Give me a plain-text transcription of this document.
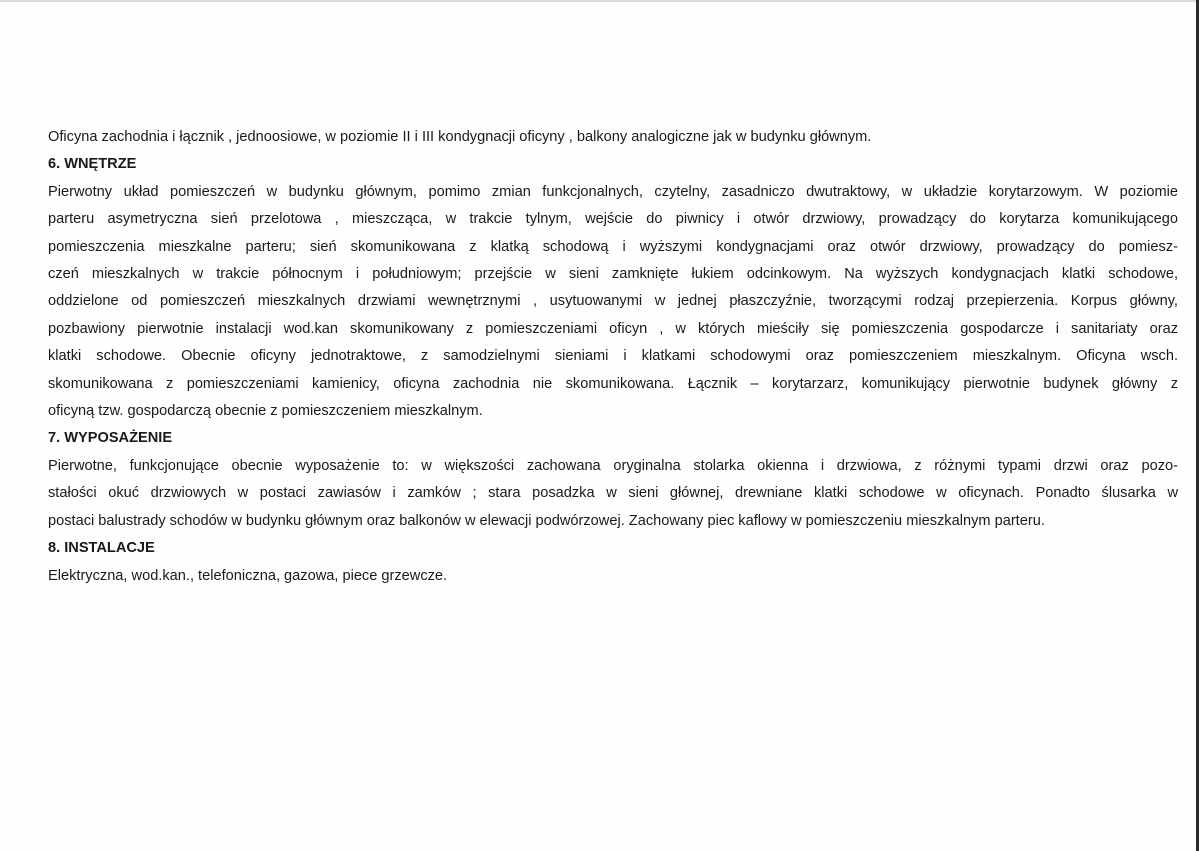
Oficyna zachodnia i łącznik , jednoosiowe, w poziomie II i III kondygnacji oficyny , balkony analogiczne jak w budynku głównym.
6. WNĘTRZE
Pierwotny układ pomieszczeń w budynku głównym, pomimo zmian funkcjonalnych, czytelny, zasadniczo dwutraktowy, w układzie korytarzowym. W poziomie
parteru asymetryczna sień przelotowa , mieszcząca, w trakcie tylnym, wejście do piwnicy i otwór drzwiowy, prowadzący do korytarza komunikującego
pomieszczenia mieszkalne parteru; sień skomunikowana z klatką schodową i wyższymi kondygnacjami oraz otwór drzwiowy, prowadzący do pomiesz-
czeń mieszkalnych w trakcie północnym i południowym; przejście w sieni zamknięte łukiem odcinkowym. Na wyższych kondygnacjach klatki schodowe,
oddzielone od pomieszczeń mieszkalnych drzwiami wewnętrznymi , usytuowanymi w jednej płaszczyźnie, tworzącymi rodzaj przepierzenia. Korpus główny,
pozbawiony pierwotnie instalacji wod.kan skomunikowany z pomieszczeniami oficyn , w których mieściły się pomieszczenia gospodarcze i sanitariaty oraz
klatki schodowe. Obecnie oficyny jednotraktowe, z samodzielnymi sieniami i klatkami schodowymi oraz pomieszczeniem mieszkalnym. Oficyna wsch.
skomunikowana z pomieszczeniami kamienicy, oficyna zachodnia nie skomunikowana. Łącznik – korytarzarz, komunikujący pierwotnie budynek główny z
oficyną tzw. gospodarczą obecnie z pomieszczeniem mieszkalnym.
7. WYPOSAŻENIE
Pierwotne, funkcjonujące obecnie wyposażenie to: w większości zachowana oryginalna stolarka okienna i drzwiowa, z różnymi typami drzwi oraz pozo-
stałości okuć drzwiowych w postaci zawiasów i zamków ; stara posadzka w sieni głównej, drewniane klatki schodowe w oficynach. Ponadto ślusarka w
postaci balustrady schodów w budynku głównym oraz balkonów w elewacji podwórzowej. Zachowany piec kaflowy w pomieszczeniu mieszkalnym parteru.
8. INSTALACJE
Elektryczna, wod.kan., telefoniczna, gazowa, piece grzewcze.
